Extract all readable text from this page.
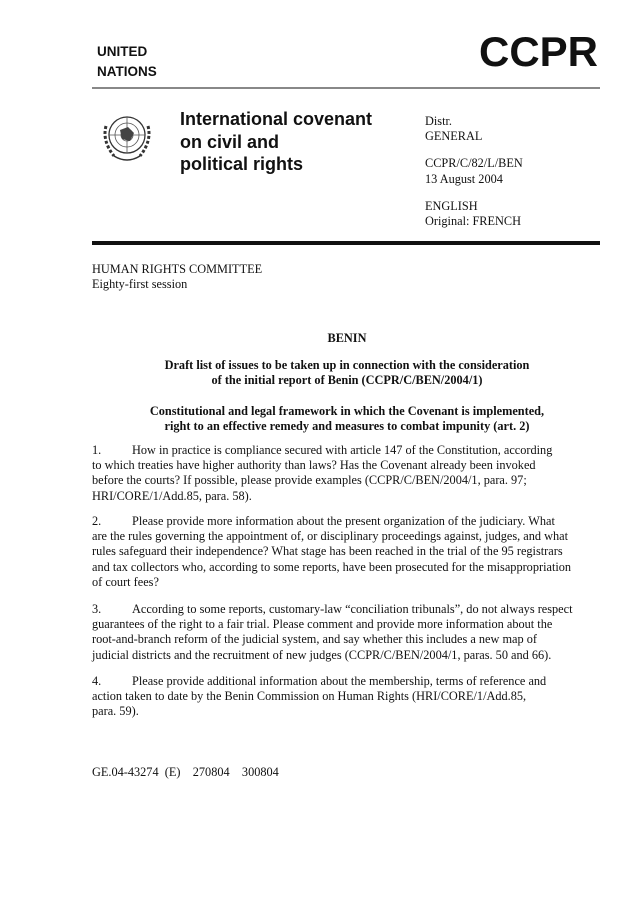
UNITED
NATIONS	CCPR
International covenant
on civil and
political rights
Distr.
GENERAL
CCPR/C/82/L/BEN
13 August 2004
ENGLISH
Original: FRENCH
HUMAN RIGHTS COMMITTEE
Eighty-first session
BENIN
Draft list of issues to be taken up in connection with the consideration
of the initial report of Benin (CCPR/C/BEN/2004/1)
Constitutional and legal framework in which the Covenant is implemented,
right to an effective remedy and measures to combat impunity (art. 2)
1.	How in practice is compliance secured with article 147 of the Constitution, according
to which treaties have higher authority than laws? Has the Covenant already been invoked
before the courts? If possible, please provide examples (CCPR/C/BEN/2004/1, para. 97;
HRI/CORE/1/Add.85, para. 58).
2.	Please provide more information about the present organization of the judiciary. What
are the rules governing the appointment of, or disciplinary proceedings against, judges, and what
rules safeguard their independence? What stage has been reached in the trial of the 95 registrars
and tax collectors who, according to some reports, have been prosecuted for the misappropriation
of court fees?
3.	According to some reports, customary-law “conciliation tribunals”, do not always respect
guarantees of the right to a fair trial. Please comment and provide more information about the
root-and-branch reform of the judicial system, and say whether this includes a new map of
judicial districts and the recruitment of new judges (CCPR/C/BEN/2004/1, paras. 50 and 66).
4.	Please provide additional information about the membership, terms of reference and
action taken to date by the Benin Commission on Human Rights (HRI/CORE/1/Add.85,
para. 59).
GE.04-43274  (E)    270804    300804
